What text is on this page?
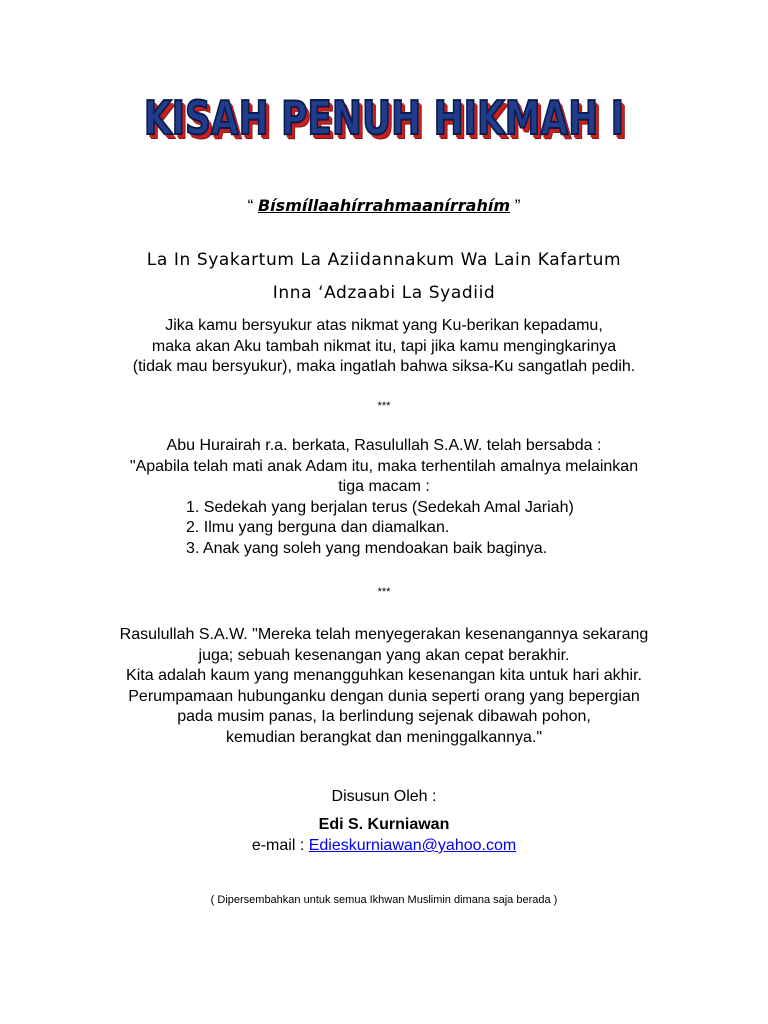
KISAH PENUH HIKMAH I
“ Bísmíllaahírrahmaanírrahím ”
La In Syakartum La Aziidannakum Wa Lain Kafartum
Inna ‘Adzaabi La Syadiid
Jika kamu bersyukur atas nikmat yang Ku-berikan kepadamu,
maka akan Aku tambah nikmat itu, tapi jika kamu mengingkarinya
(tidak mau bersyukur), maka ingatlah bahwa siksa-Ku sangatlah pedih.
***
Abu Hurairah r.a. berkata, Rasulullah S.A.W. telah bersabda :
"Apabila telah mati anak Adam itu, maka terhentilah amalnya melainkan
tiga macam :
1. Sedekah yang berjalan terus (Sedekah Amal Jariah)
2. Ilmu yang berguna dan diamalkan.
3. Anak yang soleh yang mendoakan baik baginya.
***
Rasulullah S.A.W. "Mereka telah menyegerakan kesenangannya sekarang
juga; sebuah kesenangan yang akan cepat berakhir.
Kita adalah kaum yang menangguhkan kesenangan kita untuk hari akhir.
Perumpamaan hubunganku dengan dunia seperti orang yang bepergian
pada musim panas, Ia berlindung sejenak dibawah pohon,
kemudian berangkat dan meninggalkannya."
Disusun Oleh :
Edi S. Kurniawan
e-mail : Edieskurniawan@yahoo.com
( Dipersembahkan untuk semua Ikhwan Muslimin dimana saja berada )
